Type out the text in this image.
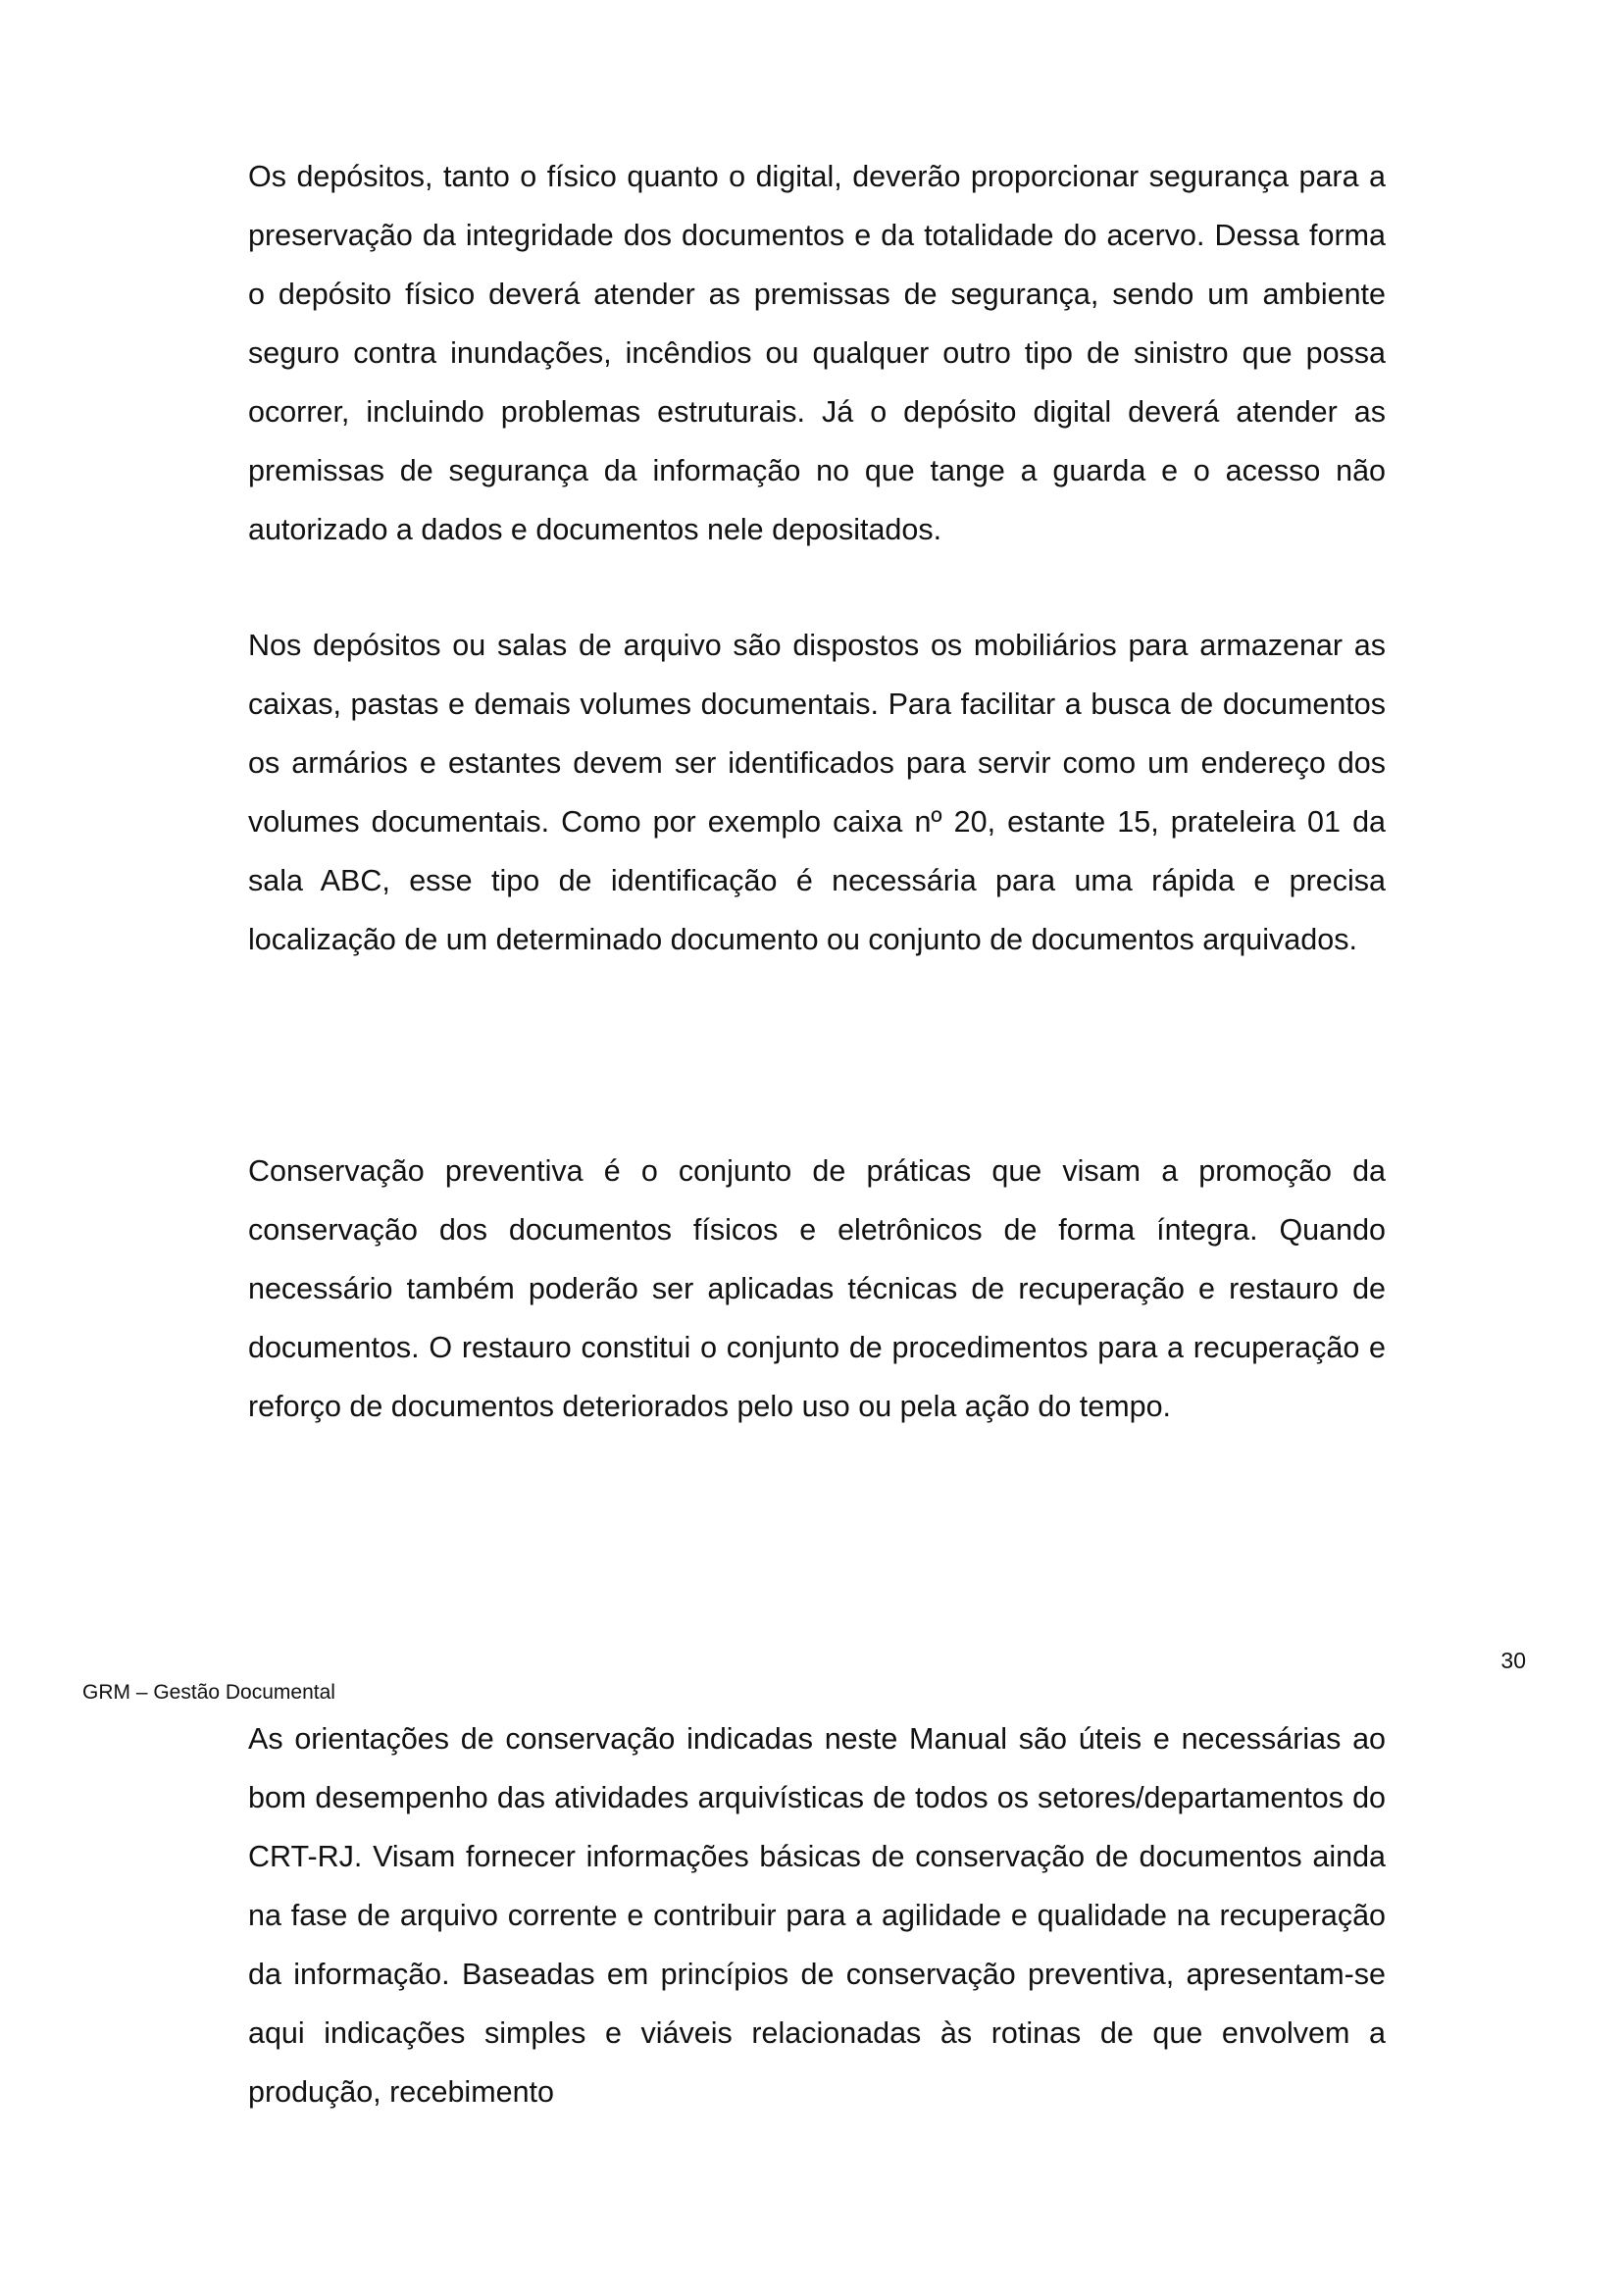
Os depósitos, tanto o físico quanto o digital, deverão proporcionar segurança para a preservação da integridade dos documentos e da totalidade do acervo. Dessa forma o depósito físico deverá atender as premissas de segurança, sendo um ambiente seguro contra inundações, incêndios ou qualquer outro tipo de sinistro que possa ocorrer, incluindo problemas estruturais. Já o depósito digital deverá atender as premissas de segurança da informação no que tange a guarda e o acesso não autorizado a dados e documentos nele depositados.

Nos depósitos ou salas de arquivo são dispostos os mobiliários para armazenar as caixas, pastas e demais volumes documentais. Para facilitar a busca de documentos os armários e estantes devem ser identificados para servir como um endereço dos volumes documentais. Como por exemplo caixa nº 20, estante 15, prateleira 01 da sala ABC, esse tipo de identificação é necessária para uma rápida e precisa localização de um determinado documento ou conjunto de documentos arquivados.

Conservação preventiva é o conjunto de práticas que visam a promoção da conservação dos documentos físicos e eletrônicos de forma íntegra. Quando necessário também poderão ser aplicadas técnicas de recuperação e restauro de documentos. O restauro constitui o conjunto de procedimentos para a recuperação e reforço de documentos deteriorados pelo uso ou pela ação do tempo.

30
GRM – Gestão Documental

As orientações de conservação indicadas neste Manual são úteis e necessárias ao bom desempenho das atividades arquivísticas de todos os setores/departamentos do CRT-RJ. Visam fornecer informações básicas de conservação de documentos ainda na fase de arquivo corrente e contribuir para a agilidade e qualidade na recuperação da informação. Baseadas em princípios de conservação preventiva, apresentam-se aqui indicações simples e viáveis relacionadas às rotinas de que envolvem a produção, recebimento
